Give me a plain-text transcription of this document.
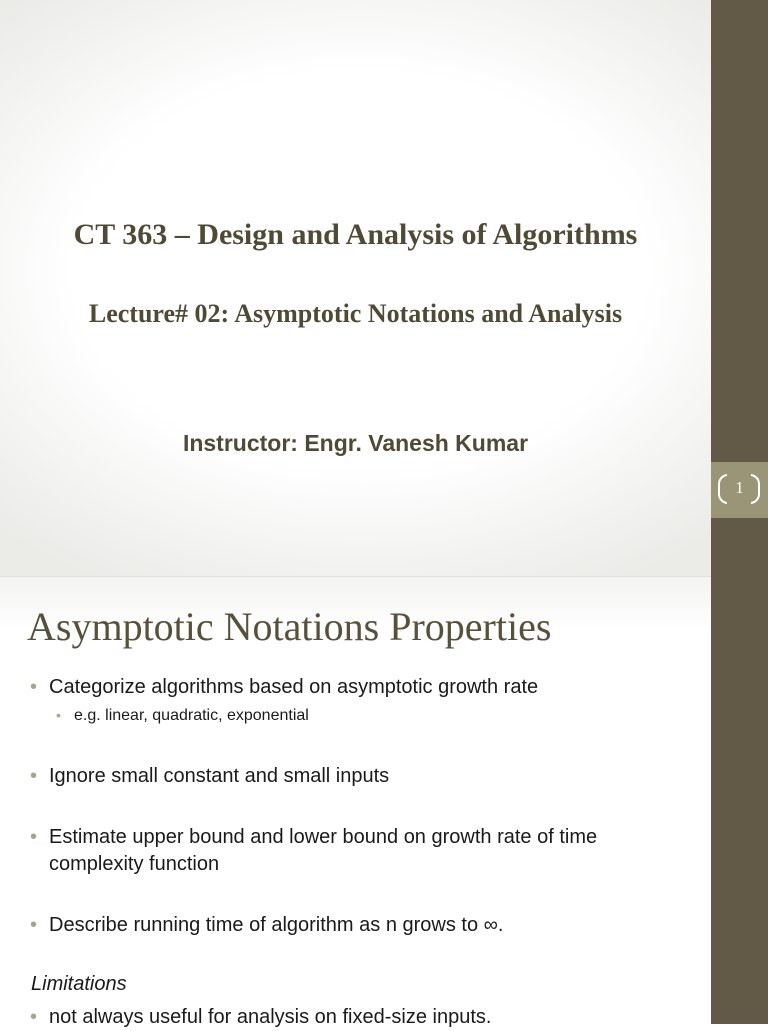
1
CT 363 – Design and Analysis of Algorithms
Lecture# 02: Asymptotic Notations and Analysis
Instructor: Engr. Vanesh Kumar
Asymptotic Notations Properties
• Categorize algorithms based on asymptotic growth rate
• e.g. linear, quadratic, exponential
• Ignore small constant and small inputs
• Estimate upper bound and lower bound on growth rate of time complexity function
• Describe running time of algorithm as n grows to ∞.
Limitations
• not always useful for analysis on fixed-size inputs.
